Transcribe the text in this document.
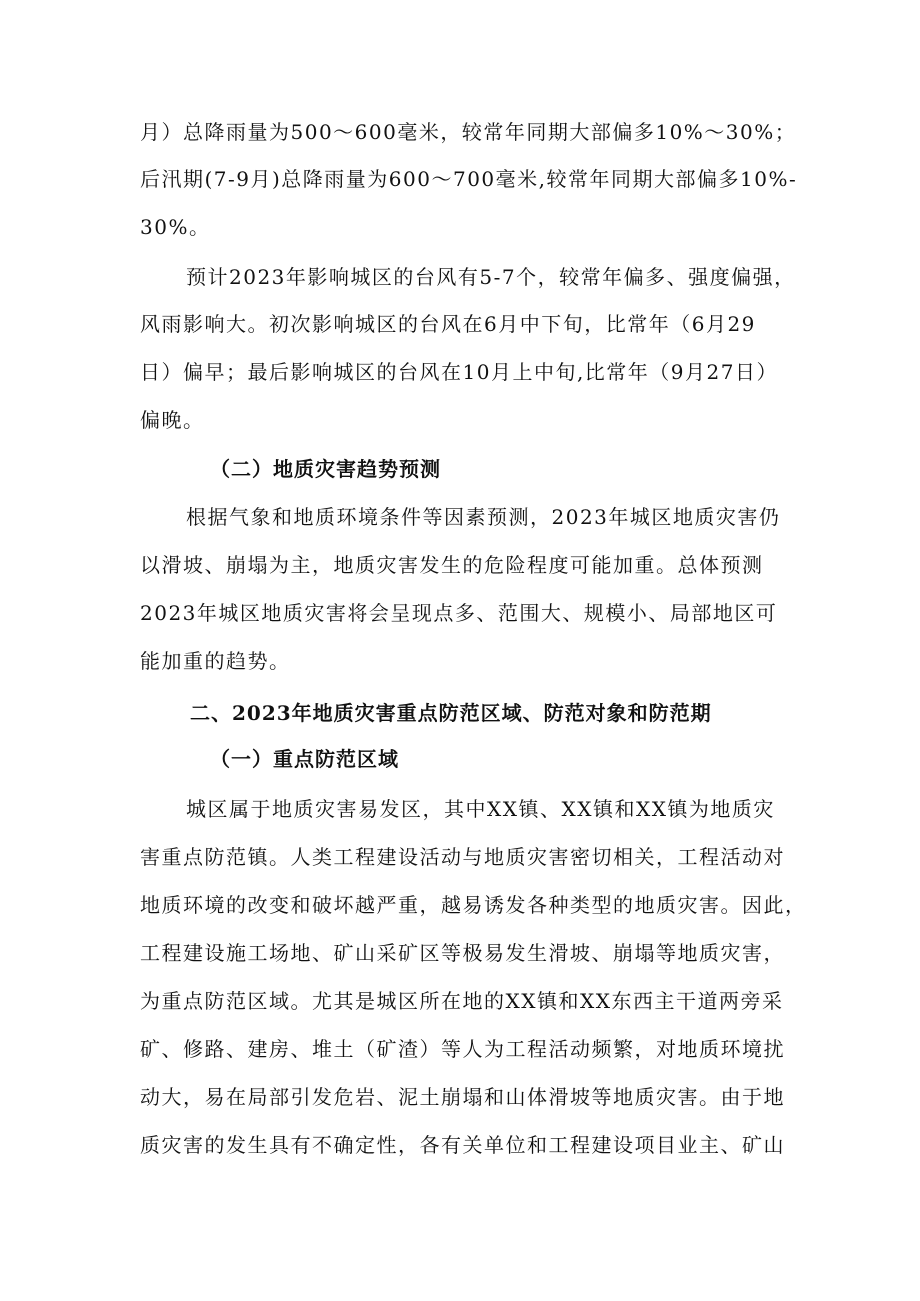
月）总降雨量为500～600毫米，较常年同期大部偏多10%～30%；
后汛期(7-9月)总降雨量为600～700毫米,较常年同期大部偏多10%-
30%。
预计2023年影响城区的台风有5-7个，较常年偏多、强度偏强，
风雨影响大。初次影响城区的台风在6月中下旬，比常年（6月29
日）偏早；最后影响城区的台风在10月上中旬,比常年（9月27日）
偏晚。
（二）地质灾害趋势预测
根据气象和地质环境条件等因素预测，2023年城区地质灾害仍
以滑坡、崩塌为主，地质灾害发生的危险程度可能加重。总体预测
2023年城区地质灾害将会呈现点多、范围大、规模小、局部地区可
能加重的趋势。
二、2023年地质灾害重点防范区域、防范对象和防范期
（一）重点防范区域
城区属于地质灾害易发区，其中XX镇、XX镇和XX镇为地质灾
害重点防范镇。人类工程建设活动与地质灾害密切相关，工程活动对
地质环境的改变和破坏越严重，越易诱发各种类型的地质灾害。因此，
工程建设施工场地、矿山采矿区等极易发生滑坡、崩塌等地质灾害，
为重点防范区域。尤其是城区所在地的XX镇和XX东西主干道两旁采
矿、修路、建房、堆土（矿渣）等人为工程活动频繁，对地质环境扰
动大，易在局部引发危岩、泥土崩塌和山体滑坡等地质灾害。由于地
质灾害的发生具有不确定性，各有关单位和工程建设项目业主、矿山
